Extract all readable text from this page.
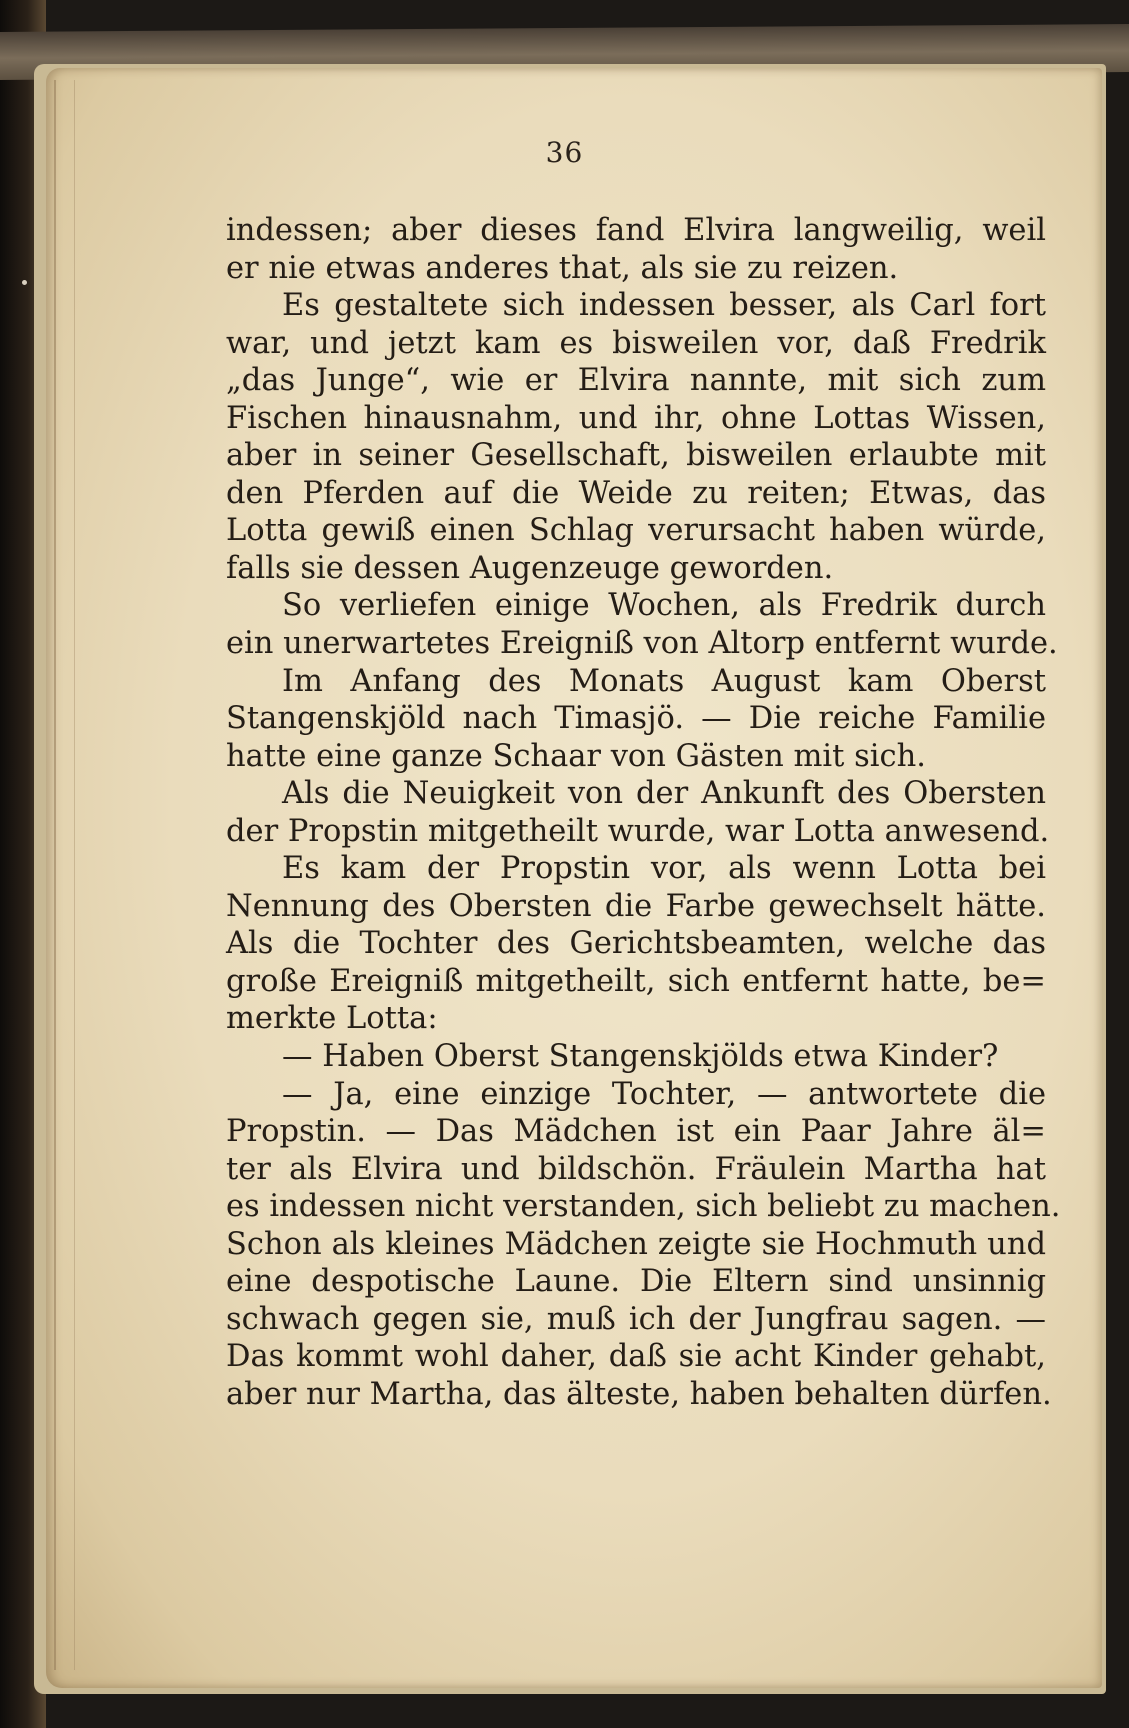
36
indessen; aber dieses fand Elvira langweilig, weil
er nie etwas anderes that, als sie zu reizen.
Es gestaltete sich indessen besser, als Carl fort
war, und jetzt kam es bisweilen vor, daß Fredrik
„das Junge“, wie er Elvira nannte, mit sich zum
Fischen hinausnahm, und ihr, ohne Lottas Wissen,
aber in seiner Gesellschaft, bisweilen erlaubte mit
den Pferden auf die Weide zu reiten; Etwas, das
Lotta gewiß einen Schlag verursacht haben würde,
falls sie dessen Augenzeuge geworden.
So verliefen einige Wochen, als Fredrik durch
ein unerwartetes Ereigniß von Altorp entfernt wurde.
Im Anfang des Monats August kam Oberst
Stangenskjöld nach Timasjö. — Die reiche Familie
hatte eine ganze Schaar von Gästen mit sich.
Als die Neuigkeit von der Ankunft des Obersten
der Propstin mitgetheilt wurde, war Lotta anwesend.
Es kam der Propstin vor, als wenn Lotta bei
Nennung des Obersten die Farbe gewechselt hätte.
Als die Tochter des Gerichtsbeamten, welche das
große Ereigniß mitgetheilt, sich entfernt hatte, be=
merkte Lotta:
— Haben Oberst Stangenskjölds etwa Kinder?
— Ja, eine einzige Tochter, — antwortete die
Propstin. — Das Mädchen ist ein Paar Jahre äl=
ter als Elvira und bildschön. Fräulein Martha hat
es indessen nicht verstanden, sich beliebt zu machen.
Schon als kleines Mädchen zeigte sie Hochmuth und
eine despotische Laune. Die Eltern sind unsinnig
schwach gegen sie, muß ich der Jungfrau sagen. —
Das kommt wohl daher, daß sie acht Kinder gehabt,
aber nur Martha, das älteste, haben behalten dürfen.
